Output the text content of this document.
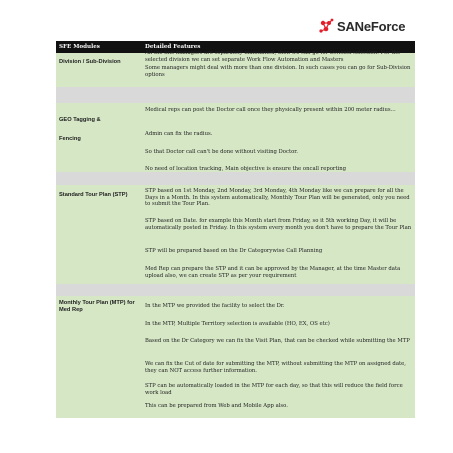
SANeForce
SFE Modules	Detailed Features
Division / Sub-Division

All the line managers are separately maintained, then we can go for Division selection. For the selected division we can set separate Work Flow Automation and Masters

Some managers might deal with more than one division. In such cases you can go for Sub-Division options

GEO Tagging &
Fencing

Medical reps can post the Doctor call once they physically present within 200 meter radius...

Admin can fix the radius.

So that Doctor call can't be done without visiting Doctor.

No need of location tracking, Main objective is ensure the oncall reporting

Standard Tour Plan (STP)

STP based on 1st Monday, 2nd Monday, 3rd Monday, 4th Monday like we can prepare for all the Days in a Month. In this system automatically, Monthly Tour Plan will be generated, only you need to submit the Tour Plan.

STP based on Date. for example this Month start from Friday, so it 5th working Day, it will be automatically posted in Friday. In this system every month you don't have to prepare the Tour Plan

STP will be prepared based on the Dr Categorywise Call Planning

Med Rep can prepare the STP and it can be approved by the Manager, at the time Master data upload also, we can create STP as per your requirement

Monthly Tour Plan (MTP) for Med Rep

In the MTP we provided the facility to select the Dr.

In the MTP, Multiple Territory selection is available (HO, EX, OS etc)

Based on the Dr Category we can fix the Visit Plan, that can be checked while submitting the MTP

We can fix the Cut of date for submitting the MTP, without submitting the MTP on assigned date, they can NOT access further information.

STP can be automatically loaded in the MTP for each day, so that this will reduce the field force work load

This can be prepared from Web and Mobile App also.
